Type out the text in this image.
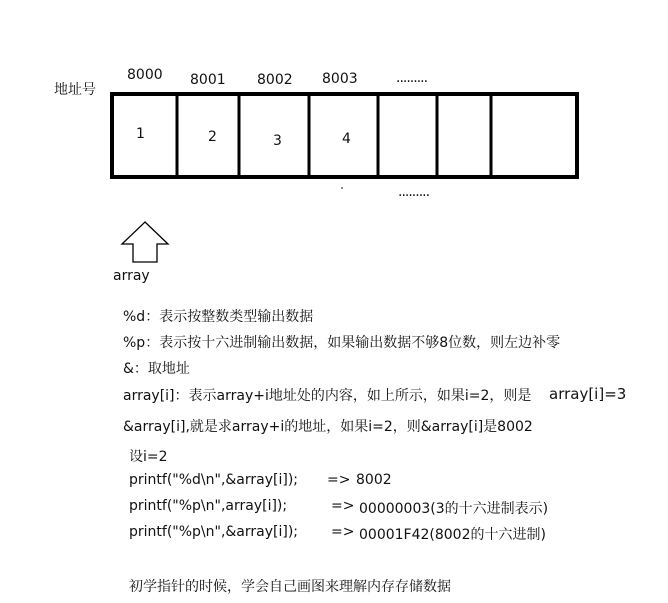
地址号
8000 8001 8002 8003	.........
.........
1	2	3	4
array
%d：表示按整数类型输出数据
%p：表示按十六进制输出数据，如果输出数据不够8位数，则左边补零
&：取地址
array[i]：表示array+i地址处的内容，如上所示，如果i=2，则是 array[i]=3
&array[i],就是求array+i的地址，如果i=2，则&array[i]是8002
设i=2
printf("%d\n",&array[i]); => 8002
printf("%p\n",array[i]);	=> 00000003(3的十六进制表示)
printf("%p\n",&array[i]); => 00001F42(8002的十六进制)
初学指针的时候，学会自己画图来理解内存存储数据
